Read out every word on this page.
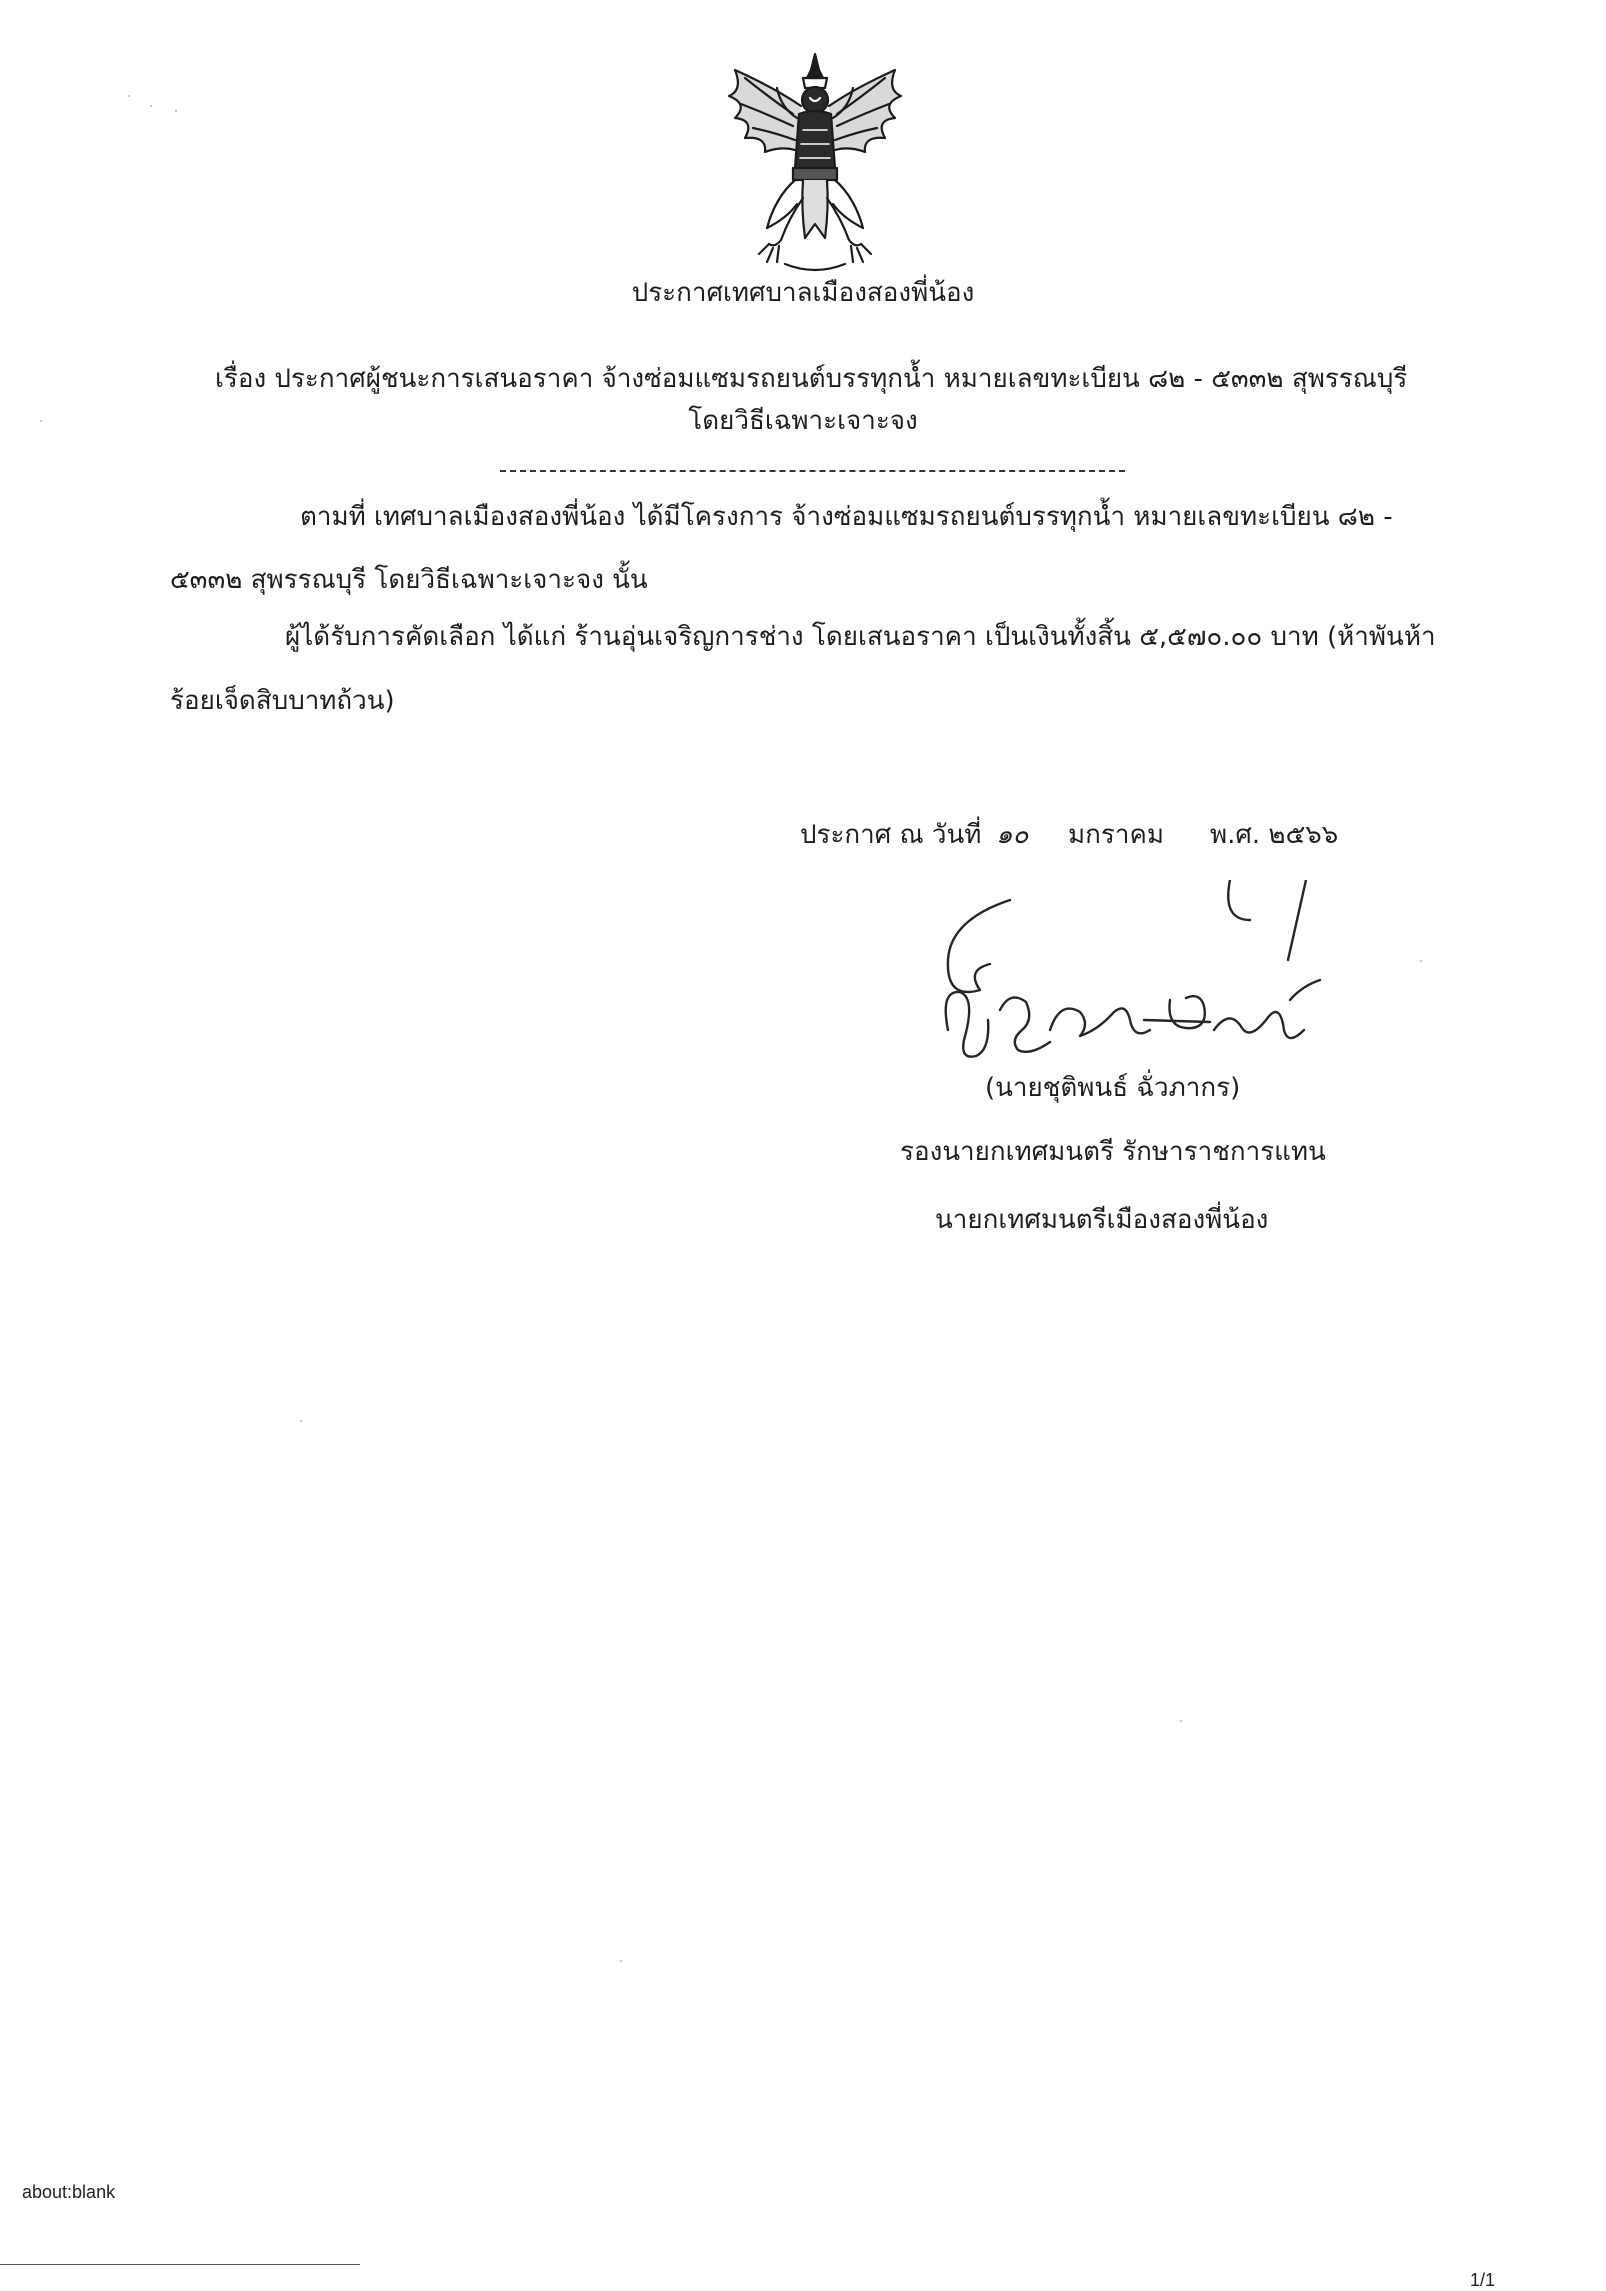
ประกาศเทศบาลเมืองสองพี่น้อง
เรื่อง ประกาศผู้ชนะการเสนอราคา จ้างซ่อมแซมรถยนต์บรรทุกน้ำ หมายเลขทะเบียน ๘๒ - ๕๓๓๒ สุพรรณบุรี
โดยวิธีเฉพาะเจาะจง
ตามที่ เทศบาลเมืองสองพี่น้อง ได้มีโครงการ จ้างซ่อมแซมรถยนต์บรรทุกน้ำ หมายเลขทะเบียน ๘๒ -
๕๓๓๒ สุพรรณบุรี โดยวิธีเฉพาะเจาะจง นั้น
ผู้ได้รับการคัดเลือก ได้แก่ ร้านอุ่นเจริญการช่าง โดยเสนอราคา เป็นเงินทั้งสิ้น ๕,๕๗๐.๐๐ บาท (ห้าพันห้า
ร้อยเจ็ดสิบบาทถ้วน)
ประกาศ ณ วันที่ ๑๐ มกราคม พ.ศ. ๒๕๖๖
(นายชุติพนธ์ ฉั่วภากร)
รองนายกเทศมนตรี รักษาราชการแทน
นายกเทศมนตรีเมืองสองพี่น้อง
about:blank
1/1
